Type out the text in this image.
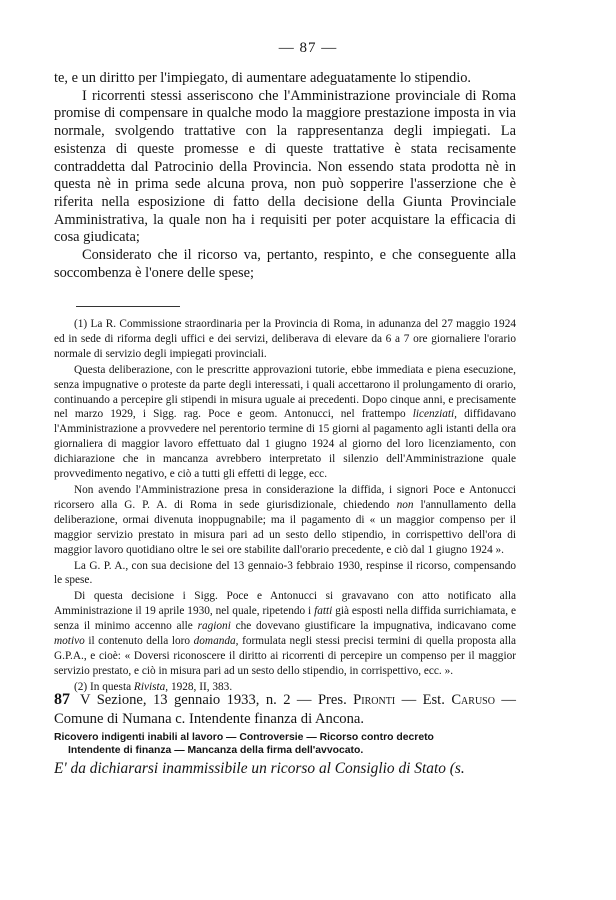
— 87 —

te, e un diritto per l'impiegato, di aumentare adeguatamente lo stipendio.

I ricorrenti stessi asseriscono che l'Amministrazione provinciale di Roma promise di compensare in qualche modo la maggiore prestazione imposta in via normale, svolgendo trattative con la rappresentanza degli impiegati. La esistenza di queste promesse e di queste trattative è stata recisamente contraddetta dal Patrocinio della Provincia. Non essendo stata prodotta nè in questa nè in prima sede alcuna prova, non può sopperire l'asserzione che è riferita nella esposizione di fatto della decisione della Giunta Provinciale Amministrativa, la quale non ha i requisiti per poter acquistare la efficacia di cosa giudicata;

Considerato che il ricorso va, pertanto, respinto, e che conseguente alla soccombenza è l'onere delle spese;

(1) La R. Commissione straordinaria per la Provincia di Roma, in adunanza del 27 maggio 1924 ed in sede di riforma degli uffici e dei servizi, deliberava di elevare da 6 a 7 ore giornaliere l'orario normale di servizio degli impiegati provinciali.

Questa deliberazione, con le prescritte approvazioni tutorie, ebbe immediata e piena esecuzione, senza impugnative o proteste da parte degli interessati, i quali accettarono il prolungamento di orario, continuando a percepire gli stipendi in misura uguale ai precedenti. Dopo cinque anni, e precisamente nel marzo 1929, i Sigg. rag. Poce e geom. Antonucci, nel frattempo licenziati, diffidavano l'Amministrazione a provvedere nel perentorio termine di 15 giorni al pagamento agli istanti della ora giornaliera di maggior lavoro effettuato dal 1 giugno 1924 al giorno del loro licenziamento, con dichiarazione che in mancanza avrebbero interpretato il silenzio dell'Amministrazione quale provvedimento negativo, e ciò a tutti gli effetti di legge, ecc.

Non avendo l'Amministrazione presa in considerazione la diffida, i signori Poce e Antonucci ricorsero alla G. P. A. di Roma in sede giurisdizionale, chiedendo non l'annullamento della deliberazione, ormai divenuta inoppugnabile; ma il pagamento di « un maggior compenso per il maggior servizio prestato in misura pari ad un sesto dello stipendio, in corrispettivo dell'ora di maggior lavoro quotidiano oltre le sei ore stabilite dall'orario precedente, e ciò dal 1 giugno 1924 ».

La G. P. A., con sua decisione del 13 gennaio-3 febbraio 1930, respinse il ricorso, compensando le spese.

Di questa decisione i Sigg. Poce e Antonucci si gravavano con atto notificato alla Amministrazione il 19 aprile 1930, nel quale, ripetendo i fatti già esposti nella diffida surrichiamata, e senza il minimo accenno alle ragioni che dovevano giustificare la impugnativa, indicavano come motivo il contenuto della loro domanda, formulata negli stessi precisi termini di quella proposta alla G.P.A., e cioè: « Doversi riconoscere il diritto ai ricorrenti di percepire un compenso per il maggior servizio prestato, e ciò in misura pari ad un sesto dello stipendio, in corrispettivo, ecc. ».

(2) In questa Rivista, 1928, II, 383.

87 V Sezione, 13 gennaio 1933, n. 2 — Pres. Pironti — Est. Caruso — Comune di Numana c. Intendente finanza di Ancona.
Ricovero indigenti inabili al lavoro — Controversie — Ricorso contro decreto
Intendente di finanza — Mancanza della firma dell'avvocato.
E' da dichiararsi inammissibile un ricorso al Consiglio di Stato (s.
